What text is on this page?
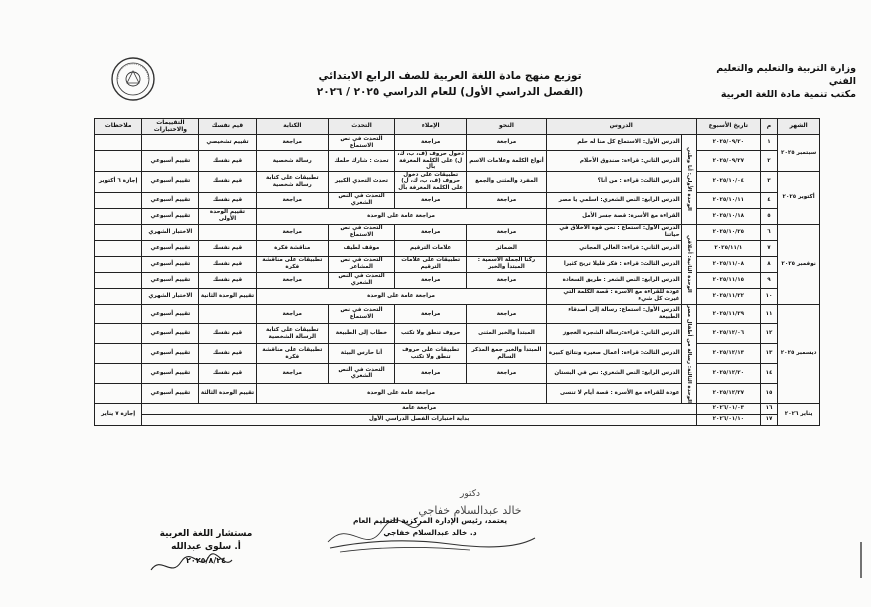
وزارة التربية والتعليم والتعليم الفني
مكتب تنمية مادة اللغة العربية
توزيع منهج مادة اللغة العربية للصف الرابع الابتدائي
(الفصل الدراسي الأول) للعام الدراسي ٢٠٢٥ / ٢٠٢٦
الشهر	م	تاريخ الأسبوع	الدروس		النحو	الإملاء	التحدث	الكتابة	قيم نفسك	التقييمات والاختبارات	ملاحظات
سبتمبر ٢٠٢٥	١	٢٠٢٥/٠٩/٢٠	الوحدة الأولى: أنا وطني	الدرس الأول: الاستماع كل منا له حلم	مراجعة	مراجعة	التحدث في نص الاستماع	مراجعة	تقييم تشخيصي		
	٢	٢٠٢٥/٠٩/٢٧		الدرس الثاني: قراءة: صندوق الأحلام	أنواع الكلمة وعلامات الاسم	دخول حروف (ف، ب، ك، ل) على الكلمة المعرفة بأل	تحدث : شارك حلمك	رسالة شخصية	قيم نفسك	تقييم أسبوعي	
أكتوبر ٢٠٢٥	٣	٢٠٢٥/١٠/٠٤		الدرس الثالث: قراءة : من أنا؟	المفرد والمثنى والجمع	تطبيقات على دخول حروف (ف، ب، ك، ل) على الكلمة المعرفة بأل	تحدث التحدي الكبير	تطبيقات على كتابة رسالة شخصية	قيم نفسك	تقييم أسبوعي	إجازة ٦ أكتوبر
	٤	٢٠٢٥/١٠/١١		الدرس الرابع: النص الشعري: اسلمي يا مصر	مراجعة	مراجعة	التحدث في النص الشعري	مراجعة	قيم نفسك	تقييم أسبوعي	
	٥	٢٠٢٥/١٠/١٨		القراءة مع الأسرة: قصة جسر الأمل	مراجعة عامة على الوحدة				تقييم الوحدة الأولى	تقييم أسبوعي	
نوفمبر ٢٠٢٥	٦	٢٠٢٥/١٠/٢٥	الوحدة الثانية: أخلاقي	الدرس الأول: استماع : نحن قوة الأخلاق في حياتنا	مراجعة	مراجعة	التحدث في نص الاستماع	مراجعة		الاختبار الشهري	
	٧	٢٠٢٥/١١/١		الدرس الثاني: قراءة: الغالي المجاني	الضمائر	علامات الترقيم	موقف لطيف	مناقشة فكرة	قيم نفسك	تقييم أسبوعي	
	٨	٢٠٢٥/١١/٠٨		الدرس الثالث: قراءة : فكر قليلا تربح كثيرا	ركنا الجملة الاسمية : المبتدأ والخبر	تطبيقات على علامات الترقيم	التحدث في نص المشاعر	تطبيقات على مناقشة فكرة	قيم نفسك	تقييم أسبوعي	
	٩	٢٠٢٥/١١/١٥		الدرس الرابع: النص الشعر : طريق السعادة	مراجعة	مراجعة	التحدث في النص الشعري	مراجعة	قيم نفسك	تقييم أسبوعي	
	١٠	٢٠٢٥/١١/٢٢		عودة للقراءة مع الأسرة : قصة الكلمة التي غيرت كل شيء	مراجعة عامة على الوحدة				تقييم الوحدة الثانية	الاختبار الشهري	
ديسمبر ٢٠٢٥	١١	٢٠٢٥/١١/٢٩	الوحدة الثالثة: رسالة من أطفال مصر	الدرس الأول: استماع: رسالة إلى أصدقاء الطبيعة	مراجعة	مراجعة	التحدث في نص الاستماع	مراجعة		تقييم أسبوعي	
	١٢	٢٠٢٥/١٢/٠٦		الدرس الثاني: قراءة:رسالة الشجرة العجوز	المبتدأ والخبر المثنى	حروف تنطق ولا تكتب	خطاب إلى الطبيعة	تطبيقات على كتابة الرسالة الشخصية	قيم نفسك	تقييم أسبوعي	
	١٣	٢٠٢٥/١٢/١٣		الدرس الثالث: قراءة: أعمال صغيرة ونتائج كبيرة	المبتدأ والخبر جمع المذكر السالم	تطبيقات على حروف تنطق ولا تكتب	أنا حارس البيئة	تطبيقات على مناقشة فكرة	قيم نفسك	تقييم أسبوعي	
	١٤	٢٠٢٥/١٢/٢٠		الدرس الرابع: النص الشعري: نص في البستان	مراجعة	مراجعة	التحدث في النص الشعري	مراجعة	قيم نفسك	تقييم أسبوعي	
	١٥	٢٠٢٥/١٢/٢٧		عودة للقراءة مع الأسرة : قصة أيام لا تنسى	مراجعة عامة على الوحدة				تقييم الوحدة الثالثة	تقييم أسبوعي	
يناير ٢٠٢٦	١٦	٢٠٢٦/٠١/٠٣	مراجعة عامة								إجازة ٧ يناير
	١٧	٢٠٢٦/٠١/١٠	بداية اختبارات الفصل الدراسي الأول								
دكتور
خالد عبدالسلام خفاجي
يعتمد، رئيس الإدارة المركزية للتعليم العام
د. خالد عبدالسلام خفاجي
مستشار اللغة العربية
أ. سلوى عبدالله
٢٠٢٥/٨/٢٤
